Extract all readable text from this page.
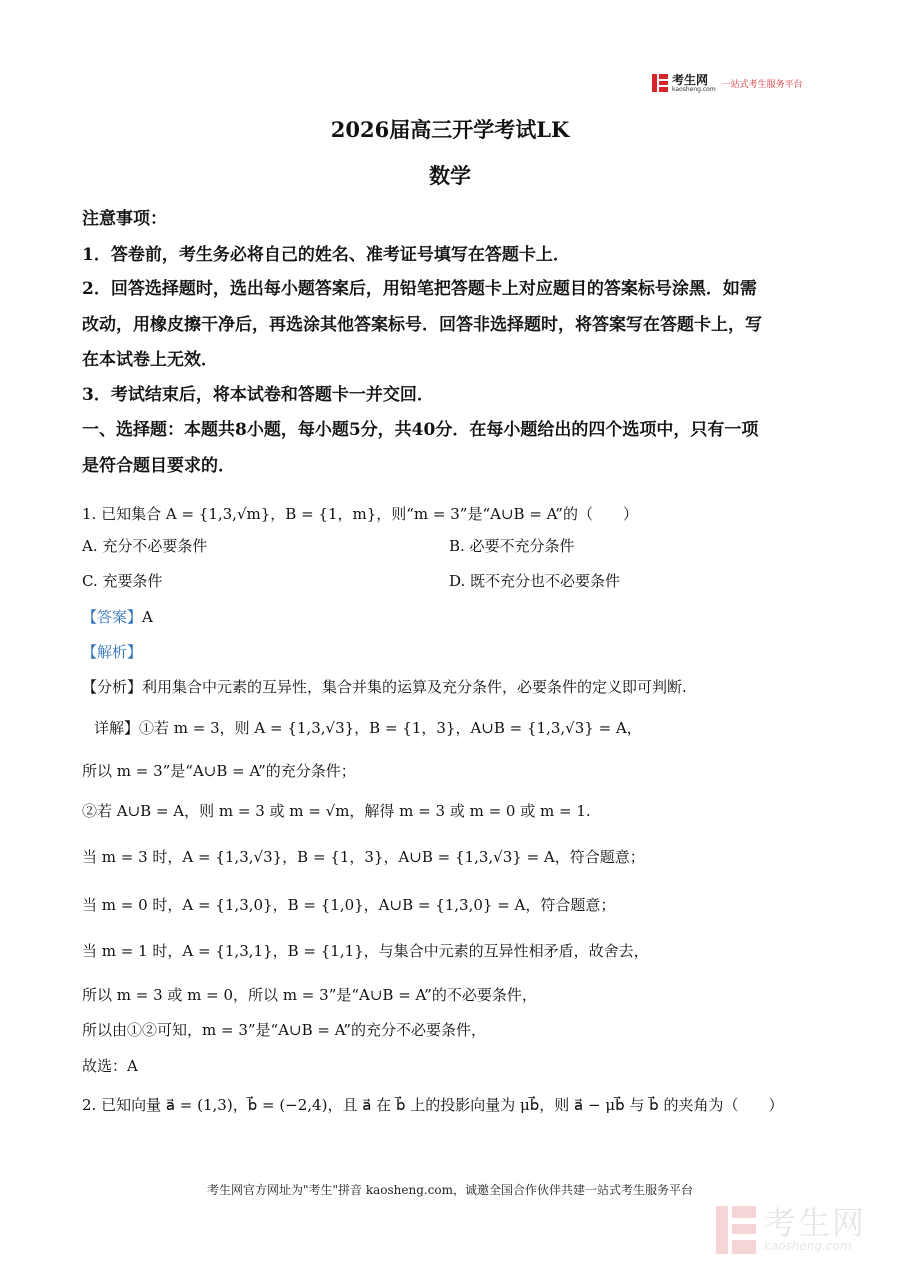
考生网
kaosheng.com 一站式考生服务平台
2026届高三开学考试LK
数学
注意事项：
1．答卷前，考生务必将自己的姓名、准考证号填写在答题卡上．
2．回答选择题时，选出每小题答案后，用铅笔把答题卡上对应题目的答案标号涂黑．如需
改动，用橡皮擦干净后，再选涂其他答案标号．回答非选择题时，将答案写在答题卡上，写
在本试卷上无效．
3．考试结束后，将本试卷和答题卡一并交回．
一、选择题：本题共8小题，每小题5分，共40分．在每小题给出的四个选项中，只有一项
是符合题目要求的．
1. 已知集合 A = {1,3,√m}，B = {1，m}，则“m = 3”是“A∪B = A”的（　　）
A. 充分不必要条件	B. 必要不充分条件
C. 充要条件	D. 既不充分也不必要条件
【答案】A
【解析】
【分析】利用集合中元素的互异性，集合并集的运算及充分条件，必要条件的定义即可判断.
详解】①若 m = 3，则 A = {1,3,√3}，B = {1，3}，A∪B = {1,3,√3} = A，
所以 m = 3”是“A∪B = A”的充分条件；
②若 A∪B = A，则 m = 3 或 m = √m，解得 m = 3 或 m = 0 或 m = 1.
当 m = 3 时，A = {1,3,√3}，B = {1，3}，A∪B = {1,3,√3} = A，符合题意；
当 m = 0 时，A = {1,3,0}，B = {1,0}，A∪B = {1,3,0} = A，符合题意；
当 m = 1 时，A = {1,3,1}，B = {1,1}，与集合中元素的互异性相矛盾，故舍去，
所以 m = 3 或 m = 0，所以 m = 3”是“A∪B = A”的不必要条件，
所以由①②可知，m = 3”是“A∪B = A”的充分不必要条件，
故选：A
2. 已知向量 a⃗ = (1,3)，b⃗ = (−2,4)，且 a⃗ 在 b⃗ 上的投影向量为 μb⃗，则 a⃗ − μb⃗ 与 b⃗ 的夹角为（　　）
考生网官方网址为"考生"拼音 kaosheng.com，诚邀全国合作伙伴共建一站式考生服务平台
考生网
kaosheng.com
